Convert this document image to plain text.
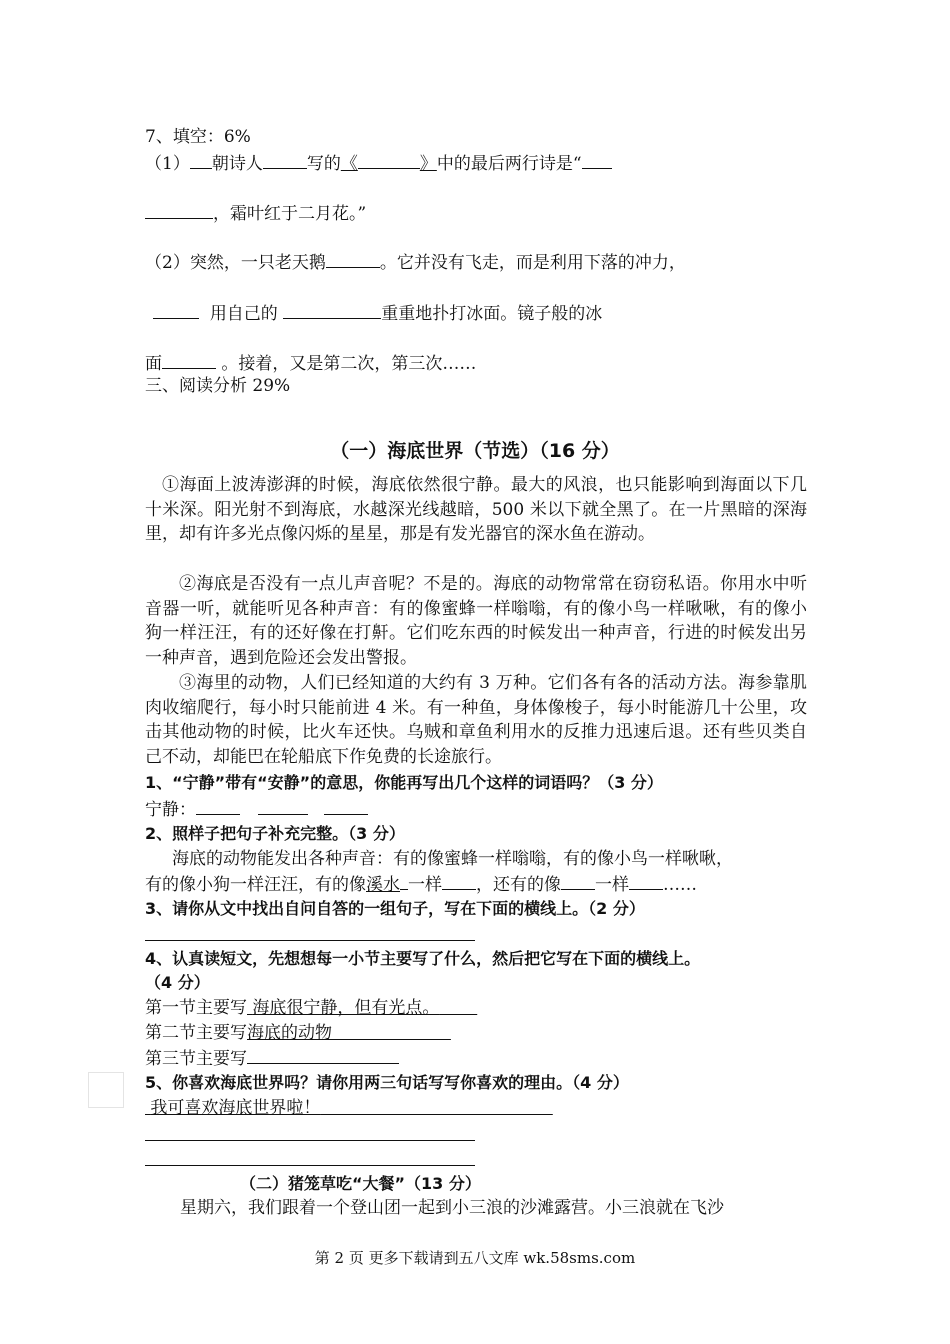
7、填空：6%
（1） 朝诗人	写的《	》中的最后两行诗是“
，霜叶红于二月花。”
（2）突然，一只老天鹅	。它并没有飞走，而是利用下落的冲力，
用自己的	重重地扑打冰面。镜子般的冰
面	。接着，又是第二次，第三次……
三、阅读分析 29%
（一）海底世界（节选）（16 分）
①海面上波涛澎湃的时候，海底依然很宁静。最大的风浪，也只能影响到海面以下几十米深。阳光射不到海底，水越深光线越暗，500 米以下就全黑了。在一片黑暗的深海里，却有许多光点像闪烁的星星，那是有发光器官的深水鱼在游动。
②海底是否没有一点儿声音呢？不是的。海底的动物常常在窃窃私语。你用水中听音器一听，就能听见各种声音：有的像蜜蜂一样嗡嗡，有的像小鸟一样啾啾，有的像小狗一样汪汪，有的还好像在打鼾。它们吃东西的时候发出一种声音，行进的时候发出另一种声音，遇到危险还会发出警报。
③海里的动物，人们已经知道的大约有 3 万种。它们各有各的活动方法。海参靠肌肉收缩爬行，每小时只能前进 4 米。有一种鱼，身体像梭子，每小时能游几十公里，攻击其他动物的时候，比火车还快。乌贼和章鱼利用水的反推力迅速后退。还有些贝类自己不动，却能巴在轮船底下作免费的长途旅行。
1、“宁静”带有“安静”的意思，你能再写出几个这样的词语吗？（3 分）
宁静：
2、照样子把句子补充完整。（3 分）
海底的动物能发出各种声音：有的像蜜蜂一样嗡嗡，有的像小鸟一样啾啾，
有的像小狗一样汪汪，有的像溪水 一样 ，还有的像 一样 ……
3、请你从文中找出自问自答的一组句子，写在下面的横线上。（2 分）
4、认真读短文，先想想每一小节主要写了什么，然后把它写在下面的横线上。
（4 分）
第一节主要写 海底很宁静，但有光点。
第二节主要写海底的动物
第三节主要写
5、你喜欢海底世界吗？请你用两三句话写写你喜欢的理由。（4 分）
我可喜欢海底世界啦！
（二）猪笼草吃“大餐”（13 分）
星期六，我们跟着一个登山团一起到小三浪的沙滩露营。小三浪就在飞沙
第 2 页 更多下载请到五八文库 wk.58sms.com
